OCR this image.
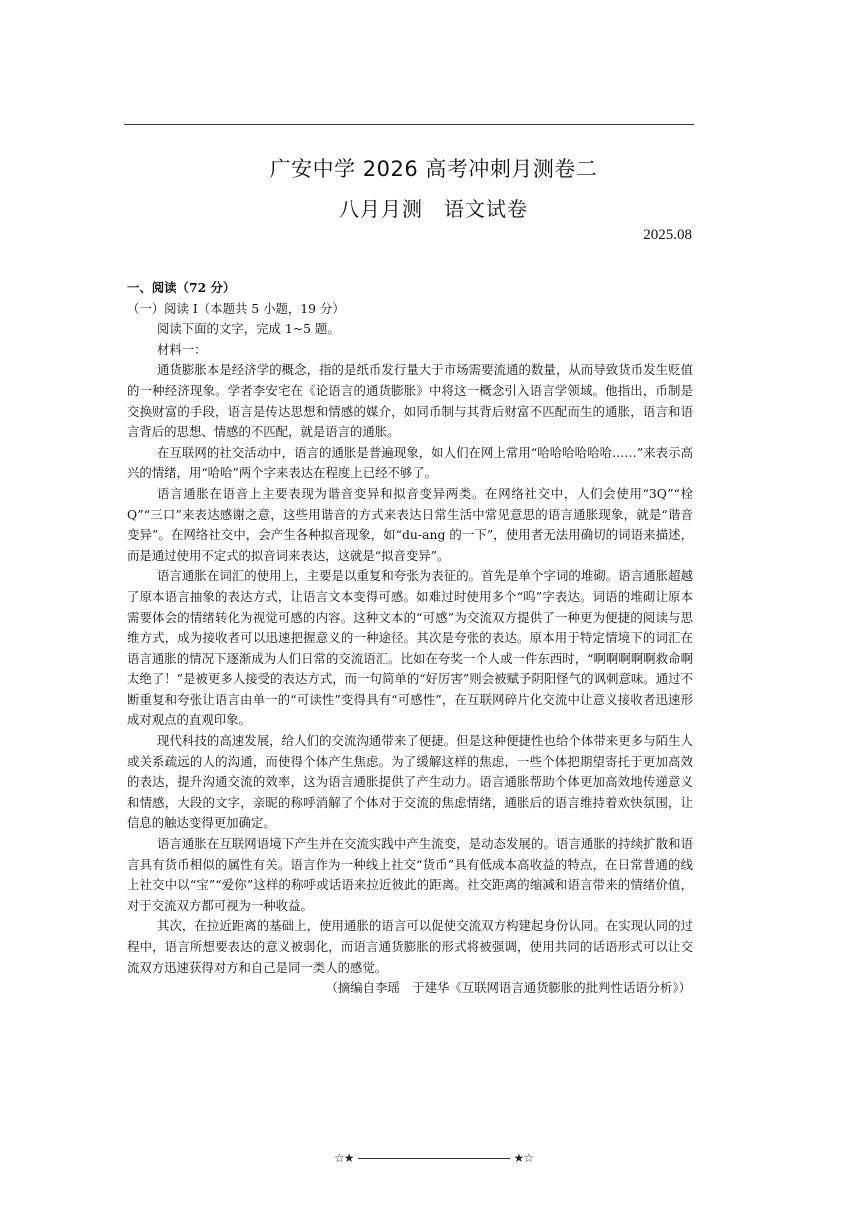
广安中学 2026 高考冲刺月测卷二
八月月测　语文试卷
2025.08

一、阅读（72 分）

（一）阅读 I（本题共 5 小题，19 分）

阅读下面的文字，完成 1~5 题。

材料一：

通货膨胀本是经济学的概念，指的是纸币发行量大于市场需要流通的数量，从而导致货币发生贬值的一种经济现象。学者李安宅在《论语言的通货膨胀》中将这一概念引入语言学领域。他指出，币制是交换财富的手段，语言是传达思想和情感的媒介，如同币制与其背后财富不匹配而生的通胀，语言和语言背后的思想、情感的不匹配，就是语言的通胀。

在互联网的社交活动中，语言的通胀是普遍现象，如人们在网上常用“哈哈哈哈哈哈……”来表示高兴的情绪，用“哈哈”两个字来表达在程度上已经不够了。

语言通胀在语音上主要表现为谐音变异和拟音变异两类。在网络社交中，人们会使用“3Q”“栓 Q”“三口”来表达感谢之意，这些用谐音的方式来表达日常生活中常见意思的语言通胀现象，就是“谐音变异”。在网络社交中，会产生各种拟音现象，如“du-ang 的一下”，使用者无法用确切的词语来描述，而是通过使用不定式的拟音词来表达，这就是“拟音变异”。

语言通胀在词汇的使用上，主要是以重复和夸张为表征的。首先是单个字词的堆砌。语言通胀超越了原本语言抽象的表达方式，让语言文本变得可感。如难过时使用多个“呜”字表达。词语的堆砌让原本需要体会的情绪转化为视觉可感的内容。这种文本的“可感”为交流双方提供了一种更为便捷的阅读与思维方式，成为接收者可以迅速把握意义的一种途径。其次是夸张的表达。原本用于特定情境下的词汇在语言通胀的情况下逐渐成为人们日常的交流语汇。比如在夸奖一个人或一件东西时，“啊啊啊啊啊救命啊太绝了！”是被更多人接受的表达方式，而一句简单的“好厉害”则会被赋予阴阳怪气的讽刺意味。通过不断重复和夸张让语言由单一的“可读性”变得具有“可感性”，在互联网碎片化交流中让意义接收者迅速形成对观点的直观印象。

现代科技的高速发展，给人们的交流沟通带来了便捷。但是这种便捷性也给个体带来更多与陌生人或关系疏远的人的沟通，而使得个体产生焦虑。为了缓解这样的焦虑，一些个体把期望寄托于更加高效的表达，提升沟通交流的效率，这为语言通胀提供了产生动力。语言通胀帮助个体更加高效地传递意义和情感，大段的文字，亲昵的称呼消解了个体对于交流的焦虑情绪，通胀后的语言维持着欢快氛围，让信息的触达变得更加确定。

语言通胀在互联网语境下产生并在交流实践中产生流变，是动态发展的。语言通胀的持续扩散和语言具有货币相似的属性有关。语言作为一种线上社交“货币”具有低成本高收益的特点，在日常普通的线上社交中以“宝”“爱你”这样的称呼或话语来拉近彼此的距离。社交距离的缩减和语言带来的情绪价值，对于交流双方都可视为一种收益。

其次，在拉近距离的基础上，使用通胀的语言可以促使交流双方构建起身份认同。在实现认同的过程中，语言所想要表达的意义被弱化，而语言通货膨胀的形式将被强调，使用共同的话语形式可以让交流双方迅速获得对方和自己是同一类人的感觉。

（摘编自李瑶　于建华《互联网语言通货膨胀的批判性话语分析》）

☆★	★☆
